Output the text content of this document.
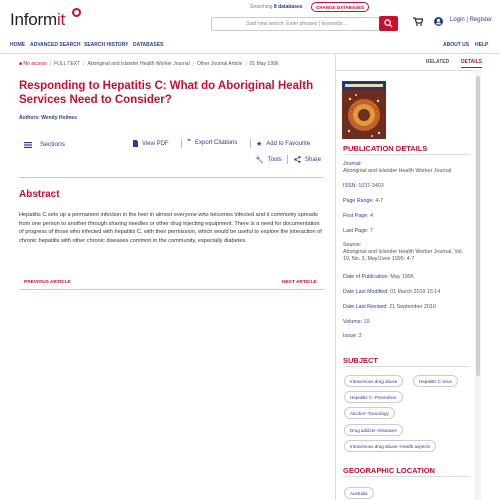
Informit
Searching 8 databases	CHANGE DATABASES
Start new search. Enter phrases | keywords ...
Login | Register
HOME ADVANCED SEARCH SEARCH HISTORY DATABASES	ABOUT US HELP
■ No access | FULL TEXT | Aboriginal and Islander Health Worker Journal | Other Journal Article | 01 May 1996
Responding to Hepatitis C: What do Aboriginal Health Services Need to Consider?
Authors: Wendy Holmes
Sections	View PDF ” Export Citations	★ Add to Favourite
🔧 Tools	Share
Abstract
Hepatitis C sets up a permanent infection in the liver in almost everyone who becomes infected and it commonly spreads from one person to another through sharing needles or other drug injecting equipment. There is a need for documentation of progress of those who infected with hepatitis C, with their permission, which would be useful to explore the interaction of chronic hepatitis with other chronic diseases common in the community, especially diabetes.
PREVIOUS ARTICLE	NEXT ARTICLE
RELATED DETAILS
PUBLICATION DETAILS
Journal:
Aboriginal and Islander Health Worker Journal
ISSN: 1037-3403
Page Range: 4-7
First Page: 4
Last Page: 7
Source:
Aboriginal and Islander Health Worker Journal, Vol. 19, No. 3, May/June 1995: 4-7
Date of Publication: May 1996
Date Last Modified: 01 March 2019 15:14
Date Last Revised: 21 September 2010
Volume: 19
Issue: 3
SUBJECT
Intravenous drug abuse	Hepatitis C virus
Hepatitis C--Prevention
Alcohol--Toxicology
Drug addicts--Diseases
Intravenous drug abuse--Health aspects
GEOGRAPHIC LOCATION
Australia
